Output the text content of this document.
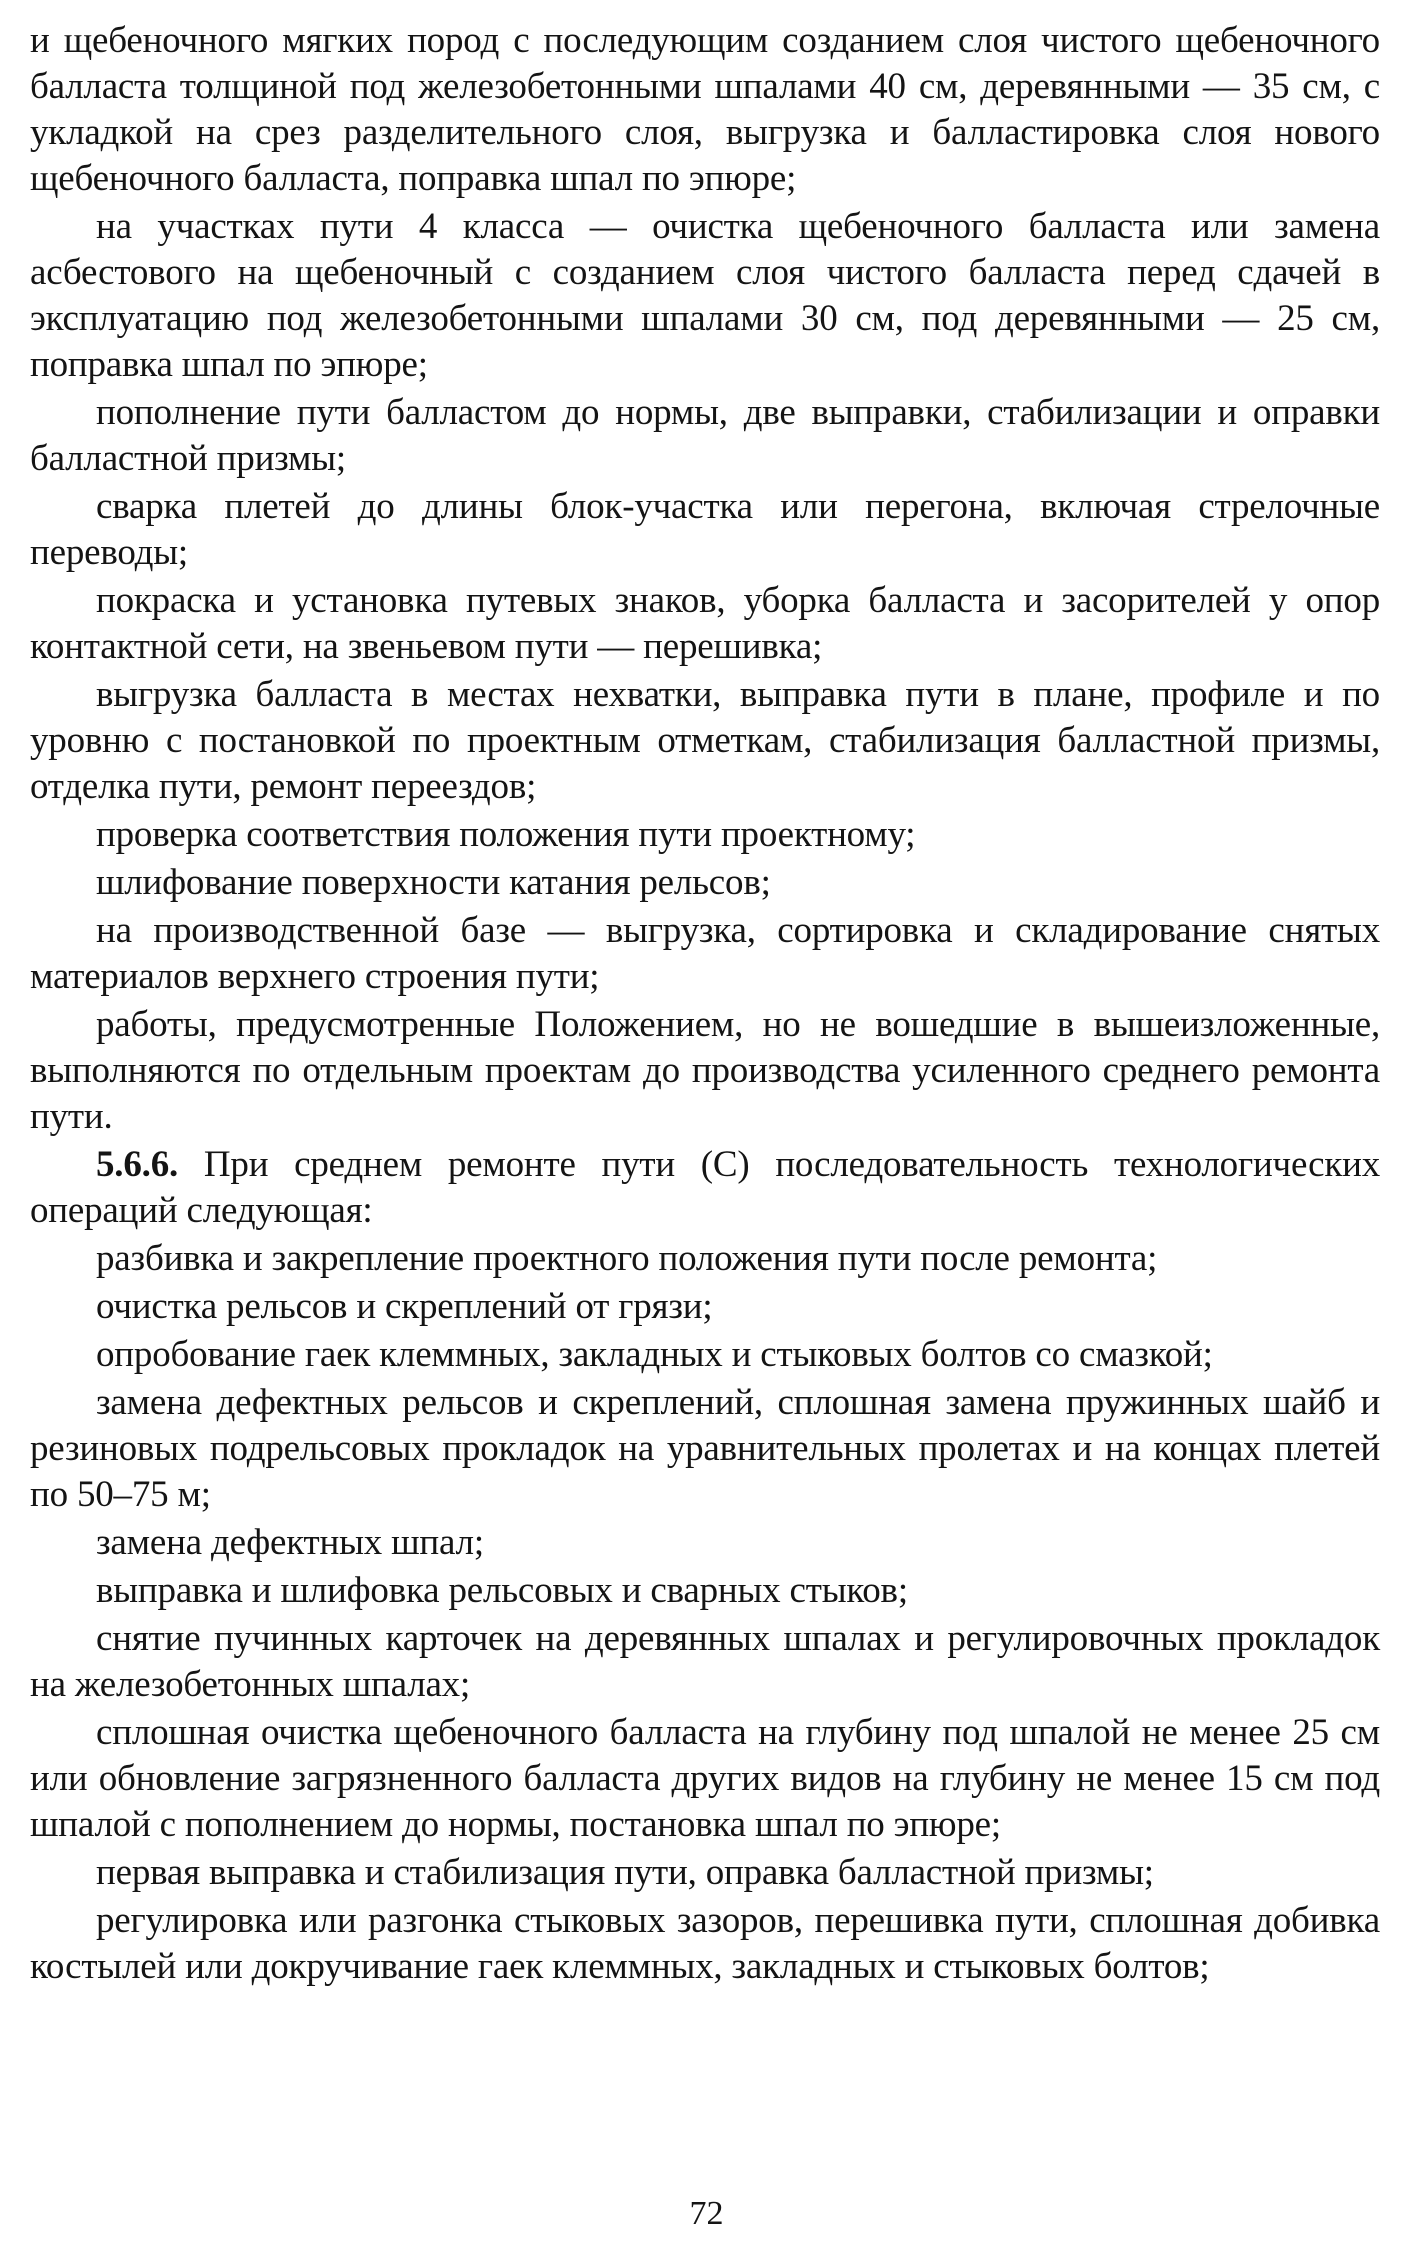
и щебеночного мягких пород с последующим созданием слоя чистого щебеночного балласта толщиной под железобетонными шпалами 40 см, деревянными — 35 см, с укладкой на срез разделительного слоя, выгрузка и балластировка слоя нового щебеночного балласта, поправка шпал по эпюре;

на участках пути 4 класса — очистка щебеночного балласта или замена асбестового на щебеночный с созданием слоя чистого балласта перед сдачей в эксплуатацию под железобетонными шпалами 30 см, под деревянными — 25 см, поправка шпал по эпюре;

пополнение пути балластом до нормы, две выправки, стабилизации и оправки балластной призмы;

сварка плетей до длины блок-участка или перегона, включая стрелочные переводы;

покраска и установка путевых знаков, уборка балласта и засорителей у опор контактной сети, на звеньевом пути — перешивка;

выгрузка балласта в местах нехватки, выправка пути в плане, профиле и по уровню с постановкой по проектным отметкам, стабилизация балластной призмы, отделка пути, ремонт переездов;

проверка соответствия положения пути проектному;

шлифование поверхности катания рельсов;

на производственной базе — выгрузка, сортировка и складирование снятых материалов верхнего строения пути;

работы, предусмотренные Положением, но не вошедшие в вышеизложенные, выполняются по отдельным проектам до производства усиленного среднего ремонта пути.

5.6.6. При среднем ремонте пути (С) последовательность технологических операций следующая:

разбивка и закрепление проектного положения пути после ремонта;

очистка рельсов и скреплений от грязи;

опробование гаек клеммных, закладных и стыковых болтов со смазкой;

замена дефектных рельсов и скреплений, сплошная замена пружинных шайб и резиновых подрельсовых прокладок на уравнительных пролетах и на концах плетей по 50–75 м;

замена дефектных шпал;

выправка и шлифовка рельсовых и сварных стыков;

снятие пучинных карточек на деревянных шпалах и регулировочных прокладок на железобетонных шпалах;

сплошная очистка щебеночного балласта на глубину под шпалой не менее 25 см или обновление загрязненного балласта других видов на глубину не менее 15 см под шпалой с пополнением до нормы, постановка шпал по эпюре;

первая выправка и стабилизация пути, оправка балластной призмы;

регулировка или разгонка стыковых зазоров, перешивка пути, сплошная добивка костылей или докручивание гаек клеммных, закладных и стыковых болтов;

72
